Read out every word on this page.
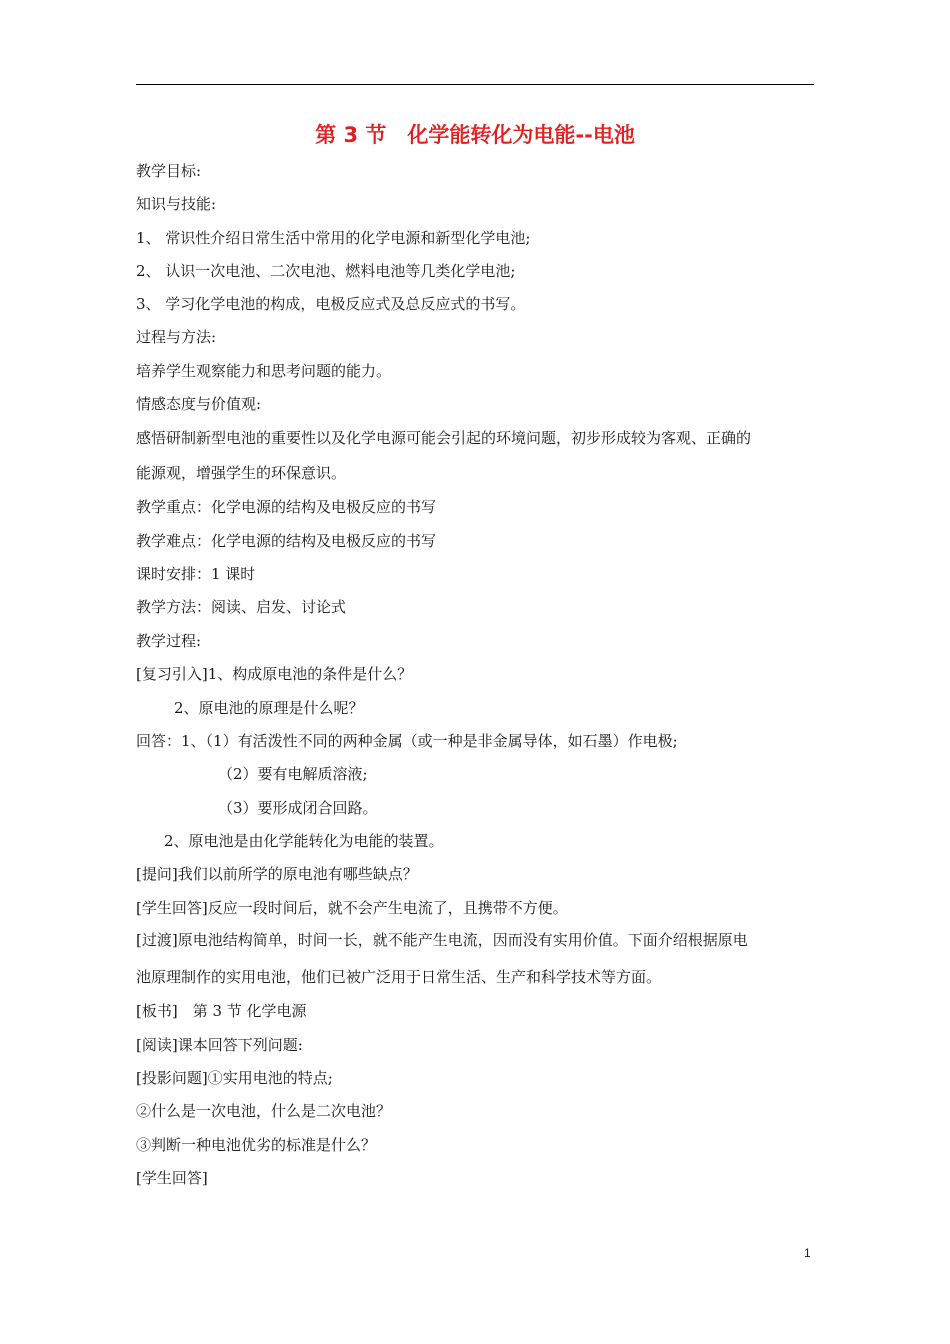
第 3 节　化学能转化为电能--电池
教学目标:
知识与技能:
1、 常识性介绍日常生活中常用的化学电源和新型化学电池;
2、 认识一次电池、二次电池、燃料电池等几类化学电池;
3、 学习化学电池的构成，电极反应式及总反应式的书写。
过程与方法:
培养学生观察能力和思考问题的能力。
情感态度与价值观:
感悟研制新型电池的重要性以及化学电源可能会引起的环境问题，初步形成较为客观、正确的
能源观，增强学生的环保意识。
教学重点：化学电源的结构及电极反应的书写
教学难点：化学电源的结构及电极反应的书写
课时安排：1 课时
教学方法：阅读、启发、讨论式
教学过程:
[复习引入]1、构成原电池的条件是什么？
2、原电池的原理是什么呢？
回答：1、（1）有活泼性不同的两种金属（或一种是非金属导体，如石墨）作电极;
（2）要有电解质溶液;
（3）要形成闭合回路。
2、原电池是由化学能转化为电能的装置。
[提问]我们以前所学的原电池有哪些缺点？
[学生回答]反应一段时间后，就不会产生电流了，且携带不方便。
[过渡]原电池结构简单，时间一长，就不能产生电流，因而没有实用价值。下面介绍根据原电
池原理制作的实用电池，他们已被广泛用于日常生活、生产和科学技术等方面。
[板书]　第 3 节 化学电源
[阅读]课本回答下列问题:
[投影问题]①实用电池的特点;
②什么是一次电池，什么是二次电池？
③判断一种电池优劣的标准是什么？
[学生回答]
1
